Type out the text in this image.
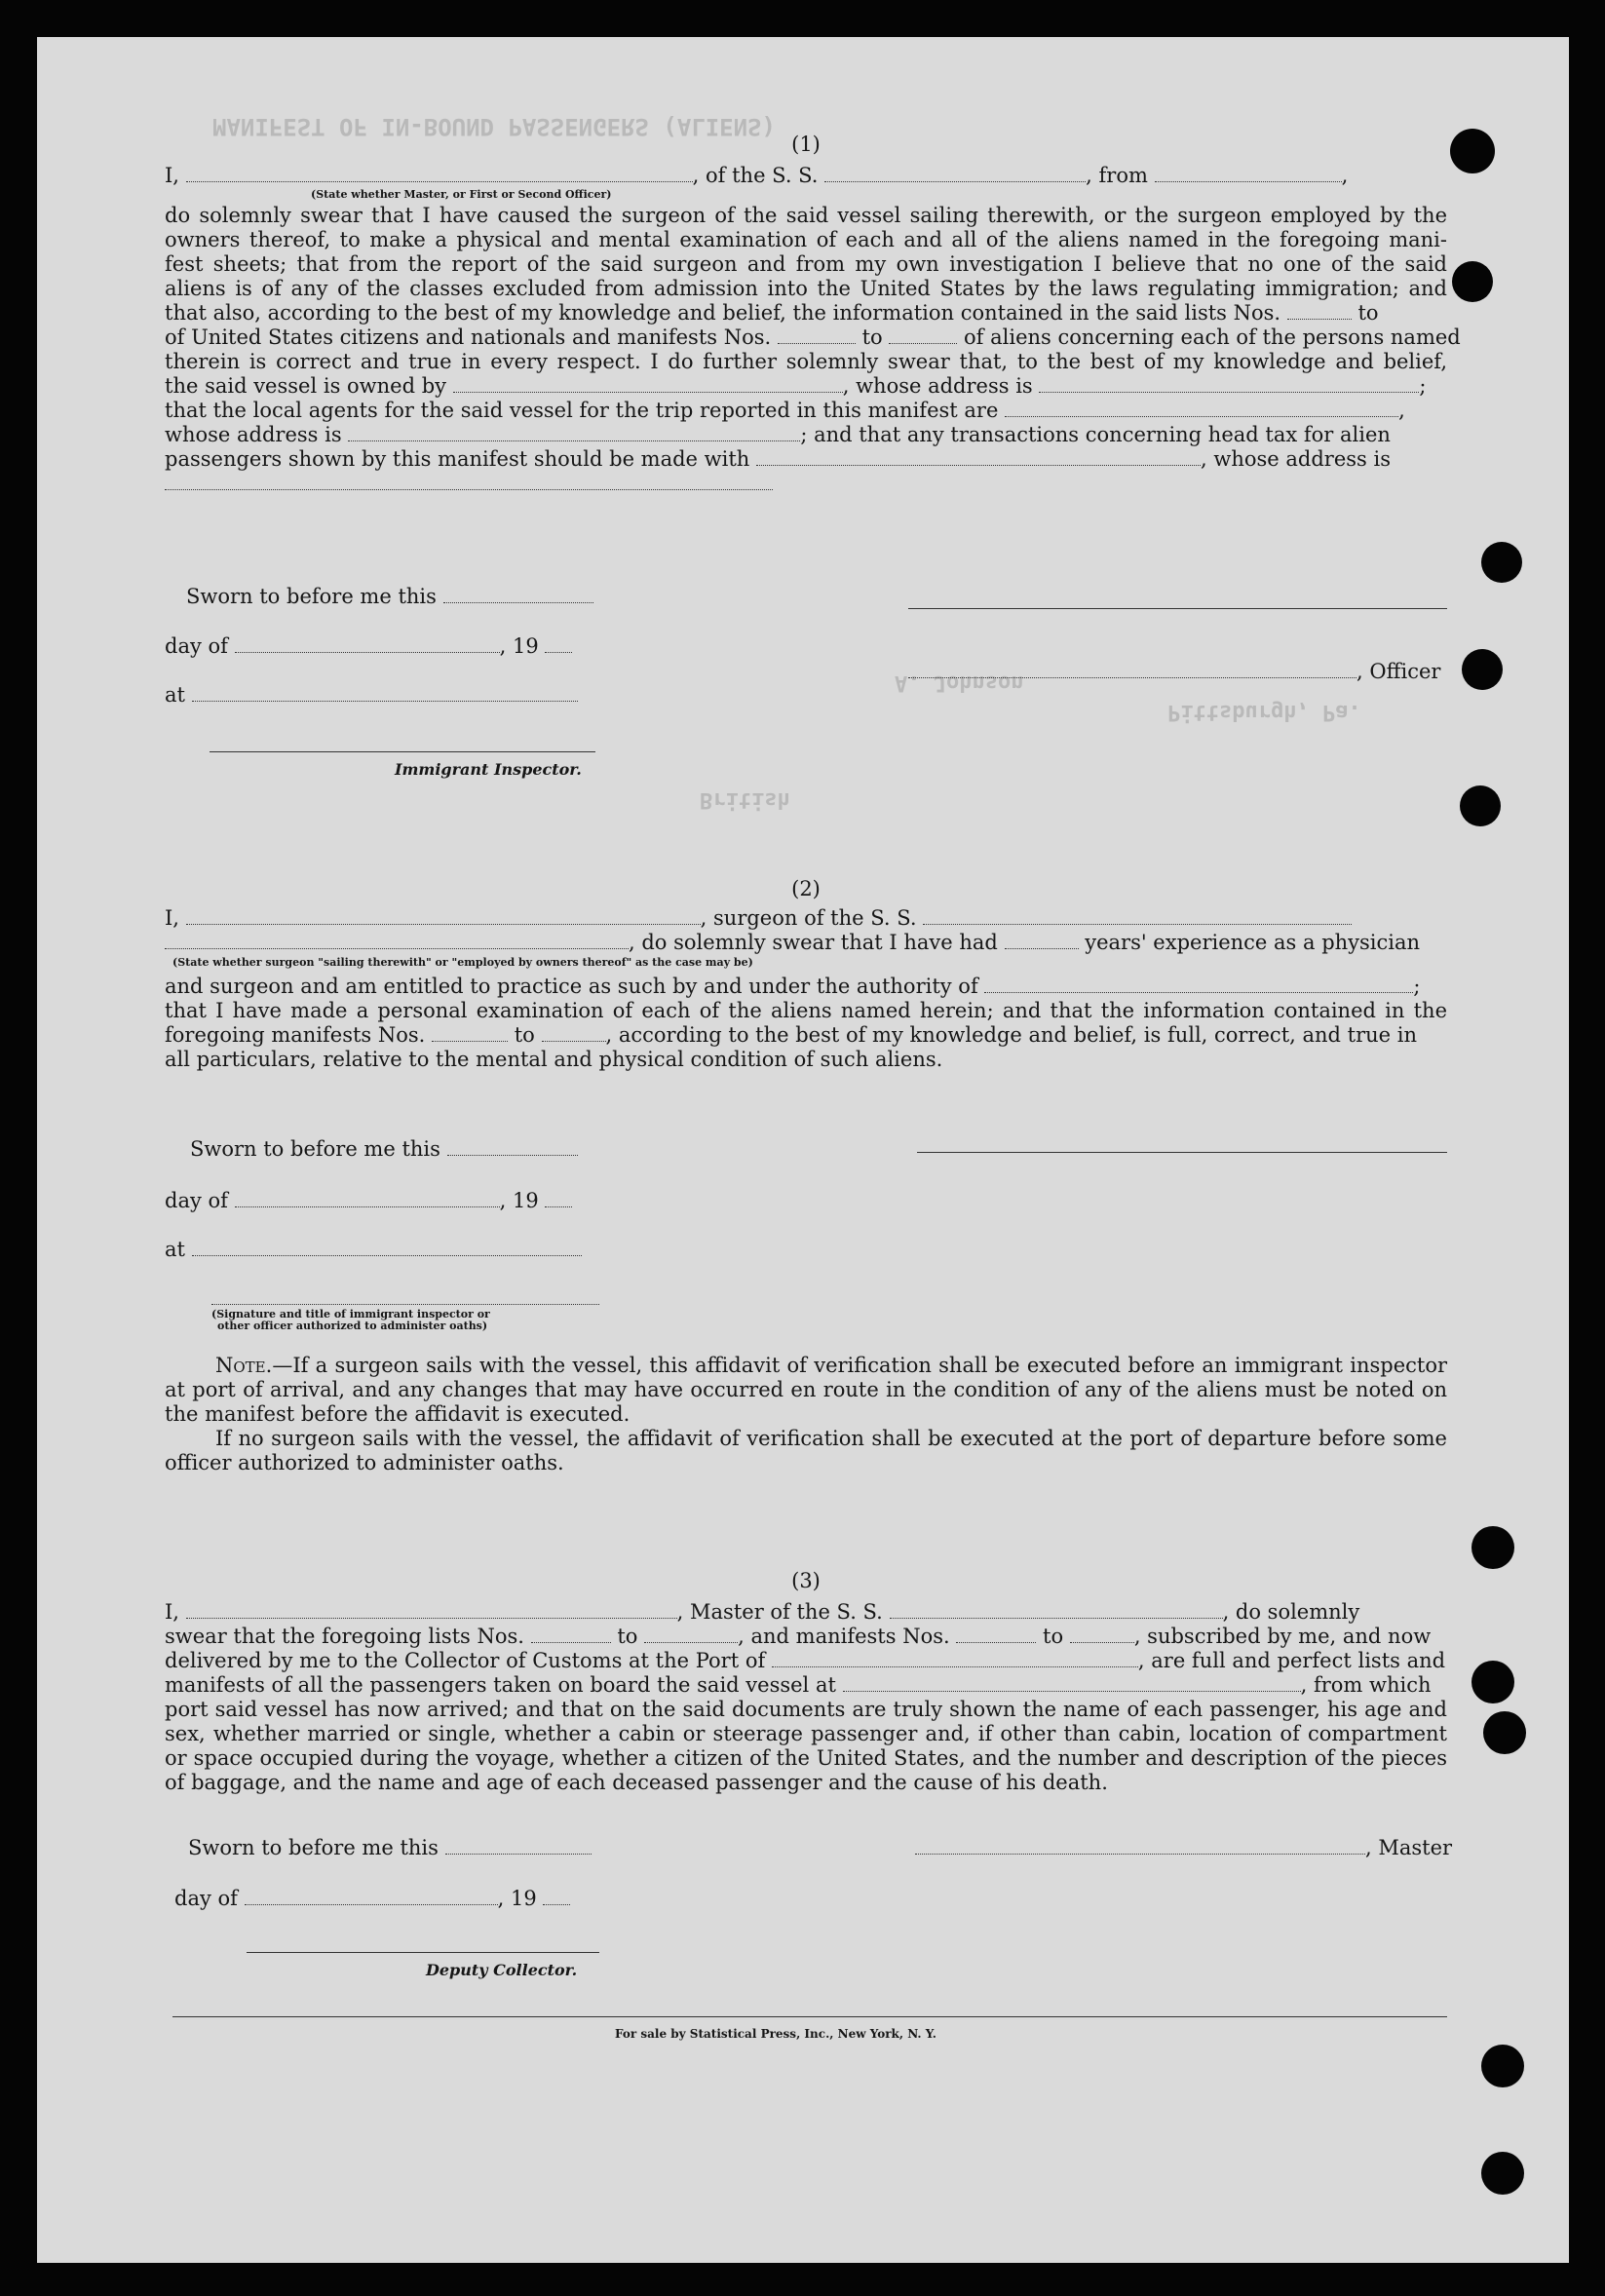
MANIFEST OF IN-BOUND PASSENGERS (ALIENS)
Pittsburgh, Pa.
A. Johnson
British
(1)
I,	, of the S. S.	, from	,
(State whether Master, or First or Second Officer)
do solemnly swear that I have caused the surgeon of the said vessel sailing therewith, or the surgeon employed by the
owners thereof, to make a physical and mental examination of each and all of the aliens named in the foregoing mani-
fest sheets; that from the report of the said surgeon and from my own investigation I believe that no one of the said
aliens is of any of the classes excluded from admission into the United States by the laws regulating immigration; and
that also, according to the best of my knowledge and belief, the information contained in the said lists Nos.	to
of United States citizens and nationals and manifests Nos.	to	of aliens concerning each of the persons named
therein is correct and true in every respect. I do further solemnly swear that, to the best of my knowledge and belief,
the said vessel is owned by	, whose address is	;
that the local agents for the said vessel for the trip reported in this manifest are	,
whose address is	; and that any transactions concerning head tax for alien
passengers shown by this manifest should be made with	, whose address is
Sworn to before me this
day of	, 19
at
Immigrant Inspector.
, Officer
(2)
I,	, surgeon of the S. S.
, do solemnly swear that I have had	years' experience as a physician
(State whether surgeon "sailing therewith" or "employed by owners thereof" as the case may be)
and surgeon and am entitled to practice as such by and under the authority of	;
that I have made a personal examination of each of the aliens named herein; and that the information contained in the
foregoing manifests Nos.	to	, according to the best of my knowledge and belief, is full, correct, and true in
all particulars, relative to the mental and physical condition of such aliens.
Sworn to before me this
day of	, 19
at
(Signature and title of immigrant inspector or
other officer authorized to administer oaths)
Note.—If a surgeon sails with the vessel, this affidavit of verification shall be executed before an immigrant inspector at port of arrival, and any changes that may have occurred en route in the condition of any of the aliens must be noted on the manifest before the affidavit is executed.
If no surgeon sails with the vessel, the affidavit of verification shall be executed at the port of departure before some officer authorized to administer oaths.
(3)
I,	, Master of the S. S.	, do solemnly
swear that the foregoing lists Nos.	to	, and manifests Nos.	to	, subscribed by me, and now
delivered by me to the Collector of Customs at the Port of	, are full and perfect lists and
manifests of all the passengers taken on board the said vessel at	, from which
port said vessel has now arrived; and that on the said documents are truly shown the name of each passenger, his age and
sex, whether married or single, whether a cabin or steerage passenger and, if other than cabin, location of compartment
or space occupied during the voyage, whether a citizen of the United States, and the number and description of the pieces
of baggage, and the name and age of each deceased passenger and the cause of his death.
Sworn to before me this
day of	, 19
, Master
Deputy Collector.
For sale by Statistical Press, Inc., New York, N. Y.
